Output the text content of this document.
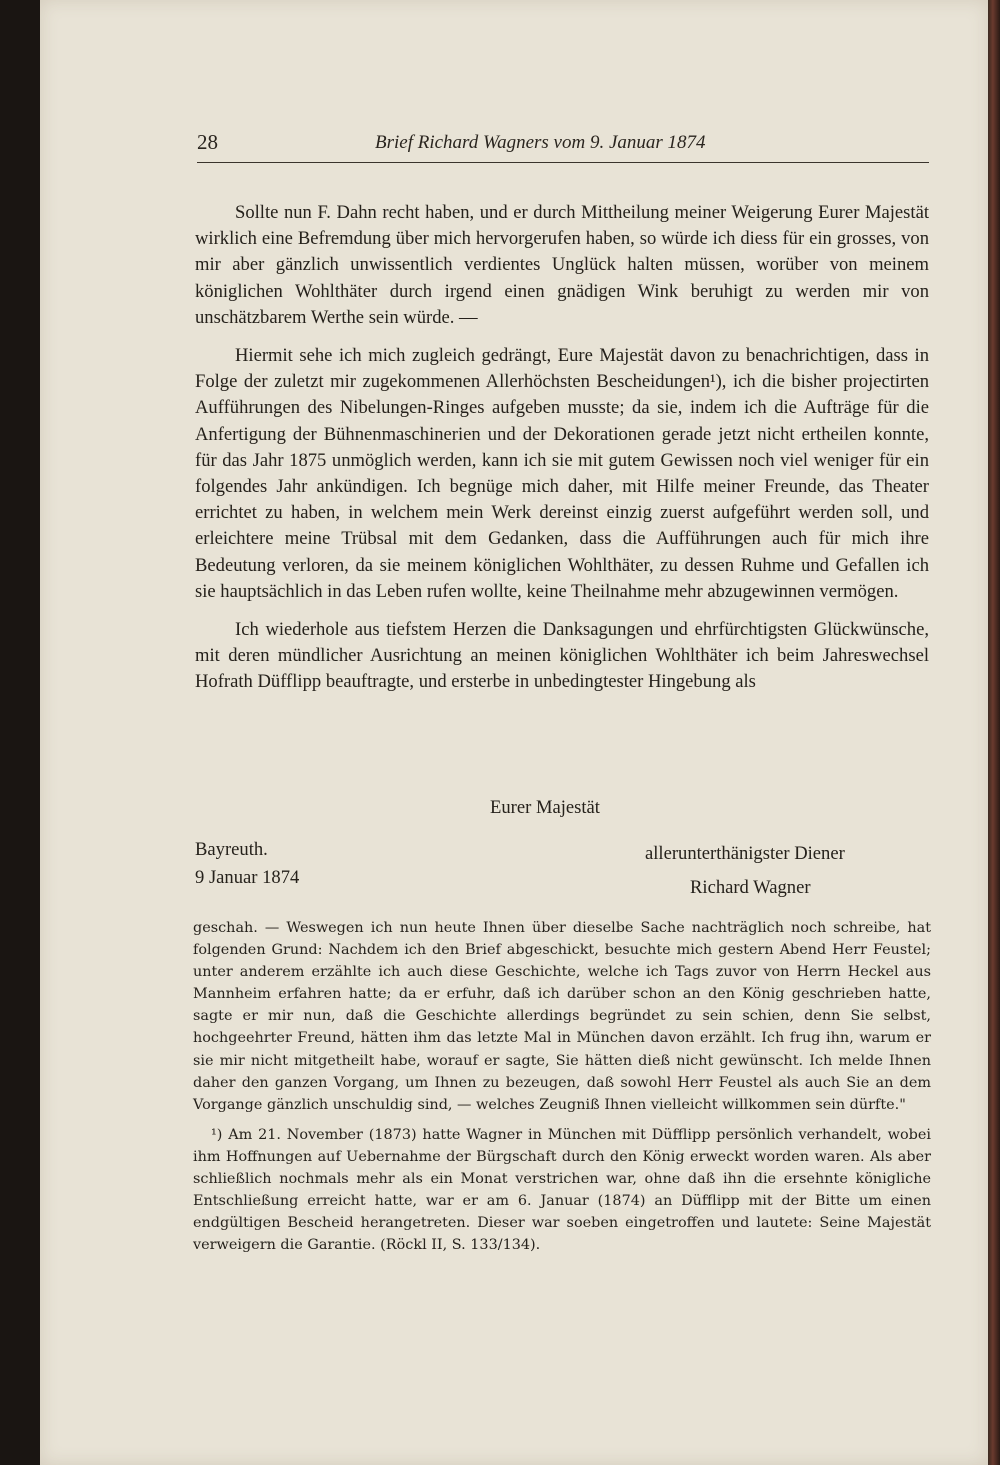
28	Brief Richard Wagners vom 9. Januar 1874

Sollte nun F. Dahn recht haben, und er durch Mittheilung meiner Weigerung Eurer Majestät wirklich eine Befremdung über mich hervorgerufen haben, so würde ich diess für ein grosses, von mir aber gänzlich unwissentlich verdientes Unglück halten müssen, worüber von meinem königlichen Wohlthäter durch irgend einen gnädigen Wink beruhigt zu werden mir von unschätzbarem Werthe sein würde. —

Hiermit sehe ich mich zugleich gedrängt, Eure Majestät davon zu benachrichtigen, dass in Folge der zuletzt mir zugekommenen Allerhöchsten Bescheidungen¹), ich die bisher projectirten Aufführungen des Nibelungen-Ringes aufgeben musste; da sie, indem ich die Aufträge für die Anfertigung der Bühnenmaschinerien und der Dekorationen gerade jetzt nicht ertheilen konnte, für das Jahr 1875 unmöglich werden, kann ich sie mit gutem Gewissen noch viel weniger für ein folgendes Jahr ankündigen. Ich begnüge mich daher, mit Hilfe meiner Freunde, das Theater errichtet zu haben, in welchem mein Werk dereinst einzig zuerst aufgeführt werden soll, und erleichtere meine Trübsal mit dem Gedanken, dass die Aufführungen auch für mich ihre Bedeutung verloren, da sie meinem königlichen Wohlthäter, zu dessen Ruhme und Gefallen ich sie hauptsächlich in das Leben rufen wollte, keine Theilnahme mehr abzugewinnen vermögen.

Ich wiederhole aus tiefstem Herzen die Danksagungen und ehrfürchtigsten Glückwünsche, mit deren mündlicher Ausrichtung an meinen königlichen Wohlthäter ich beim Jahreswechsel Hofrath Düfflipp beauftragte, und ersterbe in unbedingtester Hingebung als

Eurer Majestät
Bayreuth.
9 Januar 1874
allerunterthänigster Diener
Richard Wagner

geschah. — Weswegen ich nun heute Ihnen über dieselbe Sache nachträglich noch schreibe, hat folgenden Grund: Nachdem ich den Brief abgeschickt, besuchte mich gestern Abend Herr Feustel; unter anderem erzählte ich auch diese Geschichte, welche ich Tags zuvor von Herrn Heckel aus Mannheim erfahren hatte; da er erfuhr, daß ich darüber schon an den König geschrieben hatte, sagte er mir nun, daß die Geschichte allerdings begründet zu sein schien, denn Sie selbst, hochgeehrter Freund, hätten ihm das letzte Mal in München davon erzählt. Ich frug ihn, warum er sie mir nicht mitgetheilt habe, worauf er sagte, Sie hätten dieß nicht gewünscht. Ich melde Ihnen daher den ganzen Vorgang, um Ihnen zu bezeugen, daß sowohl Herr Feustel als auch Sie an dem Vorgange gänzlich unschuldig sind, — welches Zeugniß Ihnen vielleicht willkommen sein dürfte."

¹) Am 21. November (1873) hatte Wagner in München mit Düfflipp persönlich verhandelt, wobei ihm Hoffnungen auf Uebernahme der Bürgschaft durch den König erweckt worden waren. Als aber schließlich nochmals mehr als ein Monat verstrichen war, ohne daß ihn die ersehnte königliche Entschließung erreicht hatte, war er am 6. Januar (1874) an Düfflipp mit der Bitte um einen endgültigen Bescheid herangetreten. Dieser war soeben eingetroffen und lautete: Seine Majestät verweigern die Garantie. (Röckl II, S. 133/134).
